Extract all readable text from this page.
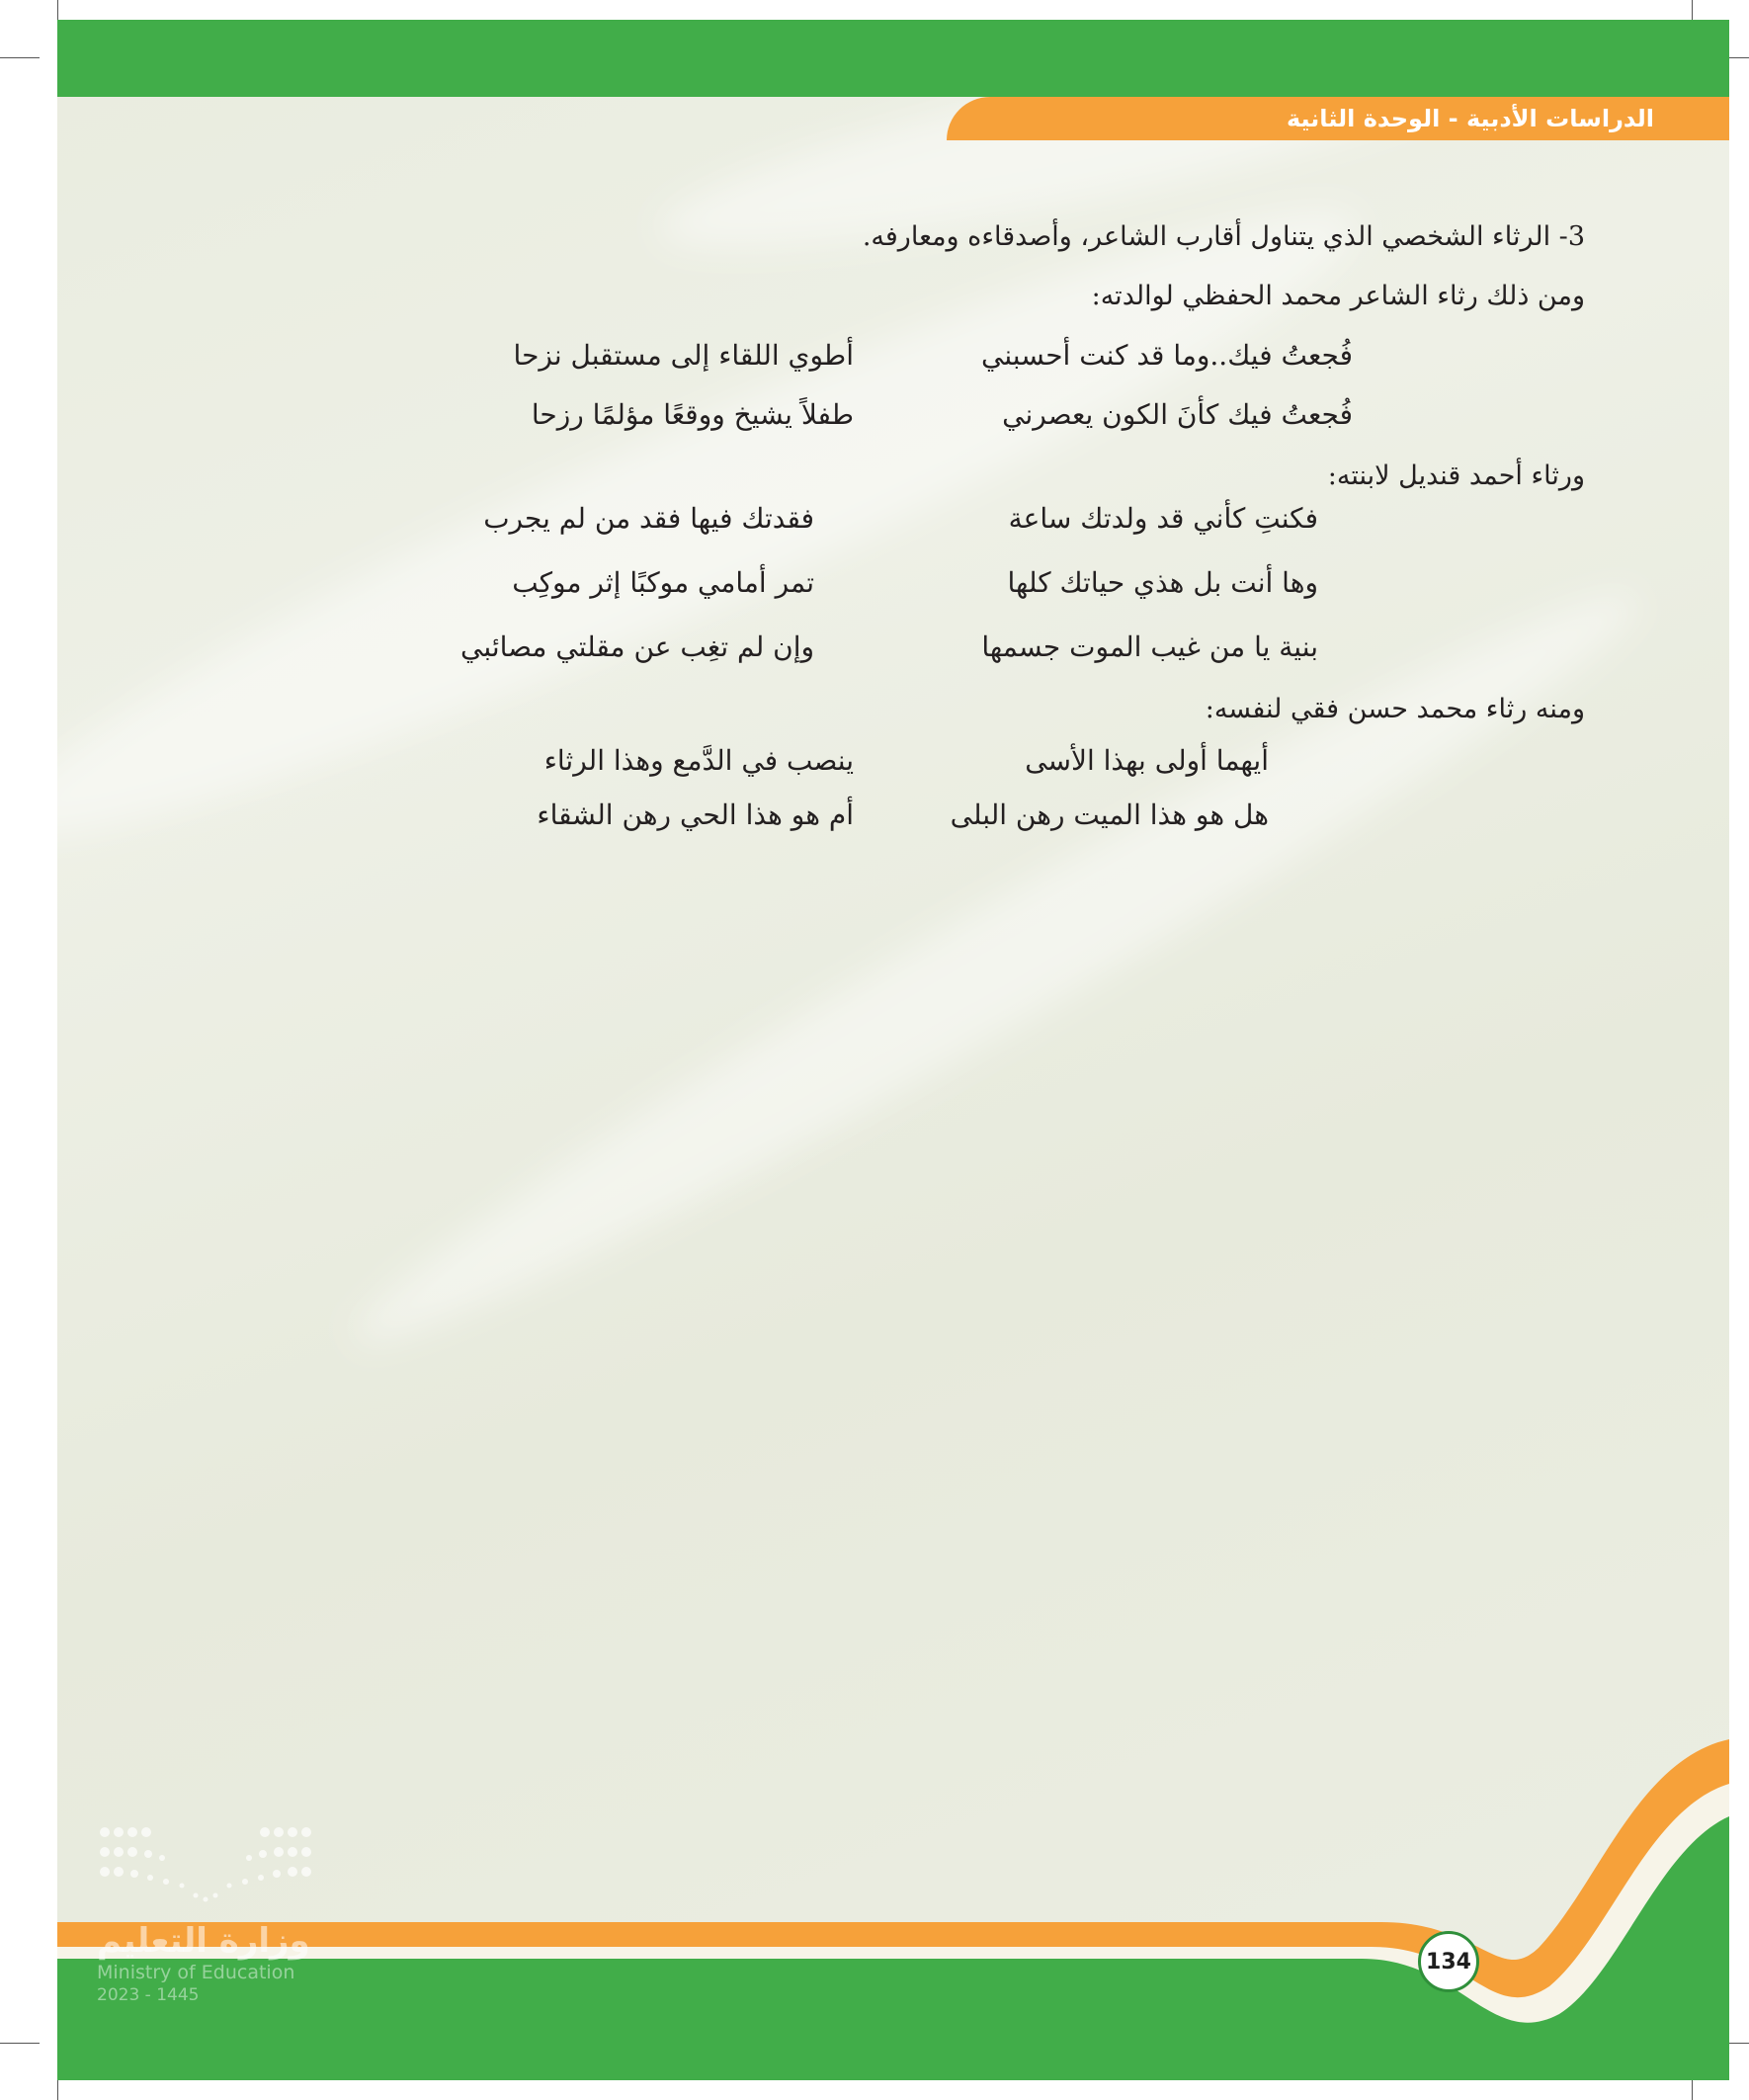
الدراسات الأدبية - الوحدة الثانية
3- الرثاء الشخصي الذي يتناول أقارب الشاعر، وأصدقاءه ومعارفه.
ومن ذلك رثاء الشاعر محمد الحفظي لوالدته:
فُجعتُ فيك..وما قد كنت أحسبني
أطوي اللقاء إلى مستقبل نزحا
فُجعتُ فيك كأنَ الكون يعصرني
طفلاً يشيخ ووقعًا مؤلمًا رزحا
ورثاء أحمد قنديل لابنته:
فكنتِ كأني قد ولدتك ساعة
فقدتك فيها فقد من لم يجرب
وها أنت بل هذي حياتك كلها
تمر أمامي موكبًا إثر موكِب
بنية يا من غيب الموت جسمها
وإن لم تغِب عن مقلتي مصائبي
ومنه رثاء محمد حسن فقي لنفسه:
أيهما أولى بهذا الأسى
ينصب في الدَّمع وهذا الرثاء
هل هو هذا الميت رهن البلى
أم هو هذا الحي رهن الشقاء
وزارة التعليم
Ministry of Education
2023 - 1445
134
